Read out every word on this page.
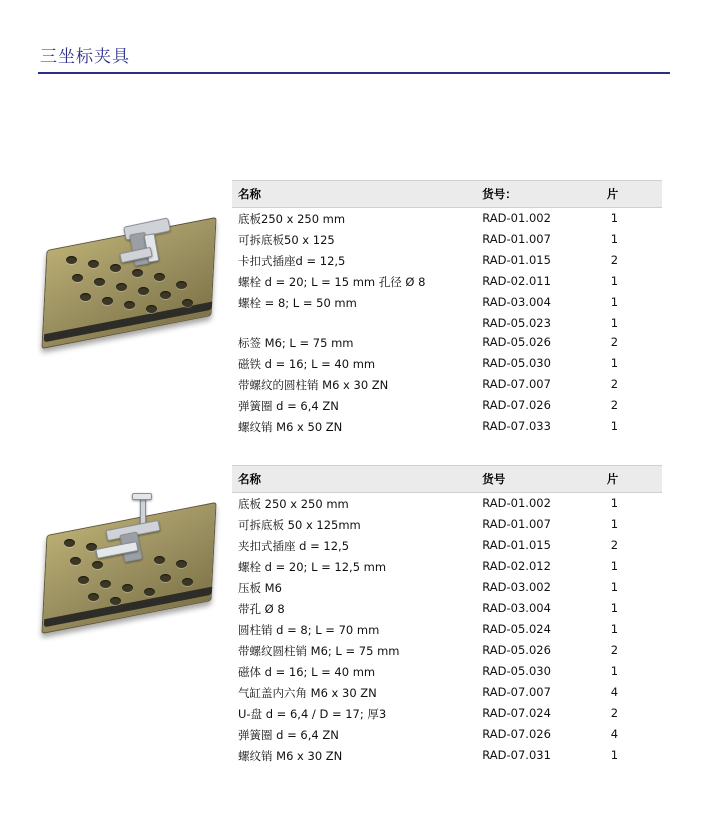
三坐标夹具
名称	货号：	片
底板250 x 250 mm	RAD-01.002	1
可拆底板50 x 125	RAD-01.007	1
卡扣式插座d = 12,5	RAD-01.015	2
螺栓 d = 20; L = 15 mm 孔径 Ø 8	RAD-02.011	1
螺栓 = 8; L = 50 mm	RAD-03.004	1
	RAD-05.023	1
标签 M6; L = 75 mm	RAD-05.026	2
磁铁 d = 16; L = 40 mm	RAD-05.030	1
带螺纹的圆柱销 M6 x 30 ZN	RAD-07.007	2
弹簧圈 d = 6,4 ZN	RAD-07.026	2
螺纹销 M6 x 50 ZN	RAD-07.033	1
名称	货号	片
底板 250 x 250 mm	RAD-01.002	1
可拆底板 50 x 125mm	RAD-01.007	1
夹扣式插座 d = 12,5	RAD-01.015	2
螺栓 d = 20; L = 12,5 mm	RAD-02.012	1
压板 M6	RAD-03.002	1
带孔 Ø 8	RAD-03.004	1
圆柱销 d = 8; L = 70 mm	RAD-05.024	1
带螺纹圆柱销 M6; L = 75 mm	RAD-05.026	2
磁体 d = 16; L = 40 mm	RAD-05.030	1
气缸盖内六角 M6 x 30 ZN	RAD-07.007	4
U-盘 d = 6,4 / D = 17; 厚3	RAD-07.024	2
弹簧圈 d = 6,4 ZN	RAD-07.026	4
螺纹销 M6 x 30 ZN	RAD-07.031	1
